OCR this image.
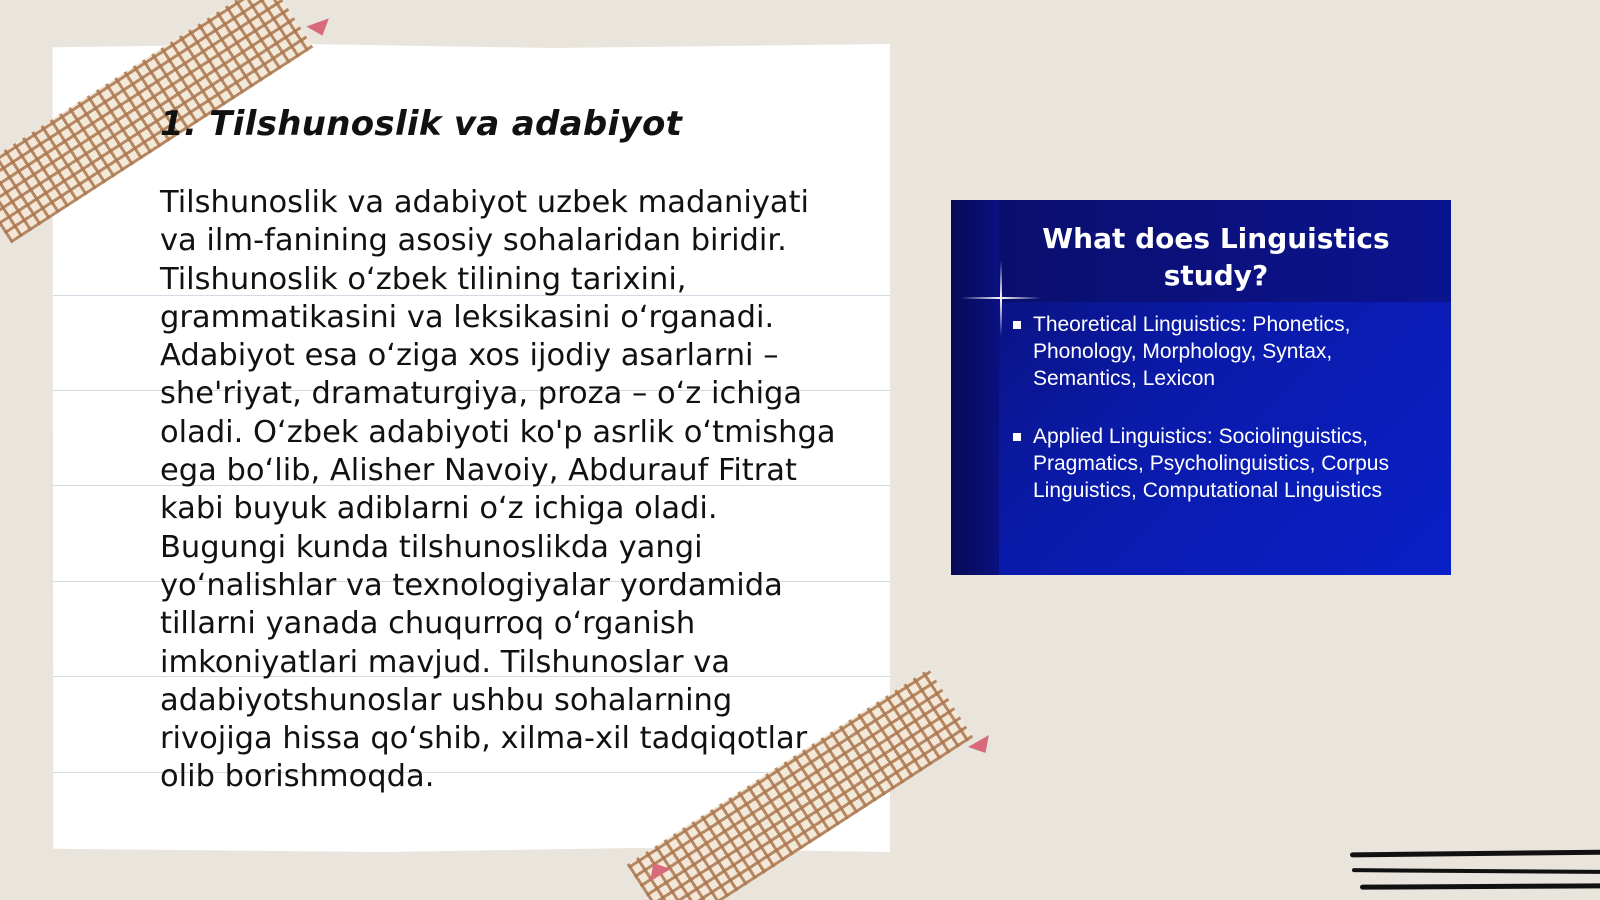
1. Tilshunoslik va adabiyot

Tilshunoslik va adabiyot uzbek madaniyati va ilm-fanining asosiy sohalaridan biridir. Tilshunoslik o‘zbek tilining tarixini, grammatikasini va leksikasini o‘rganadi. Adabiyot esa o‘ziga xos ijodiy asarlarni – she'riyat, dramaturgiya, proza – o‘z ichiga oladi. O‘zbek adabiyoti ko'p asrlik o‘tmishga ega bo‘lib, Alisher Navoiy, Abdurauf Fitrat kabi buyuk adiblarni o‘z ichiga oladi. Bugungi kunda tilshunoslikda yangi yo‘nalishlar va texnologiyalar yordamida tillarni yanada chuqurroq o‘rganish imkoniyatlari mavjud. Tilshunoslar va adabiyotshunoslar ushbu sohalarning rivojiga hissa qo‘shib, xilma-xil tadqiqotlar olib borishmoqda.

What does Linguistics study?
Theoretical Linguistics: Phonetics, Phonology, Morphology, Syntax, Semantics, Lexicon
Applied Linguistics: Sociolinguistics, Pragmatics, Psycholinguistics, Corpus Linguistics, Computational Linguistics
